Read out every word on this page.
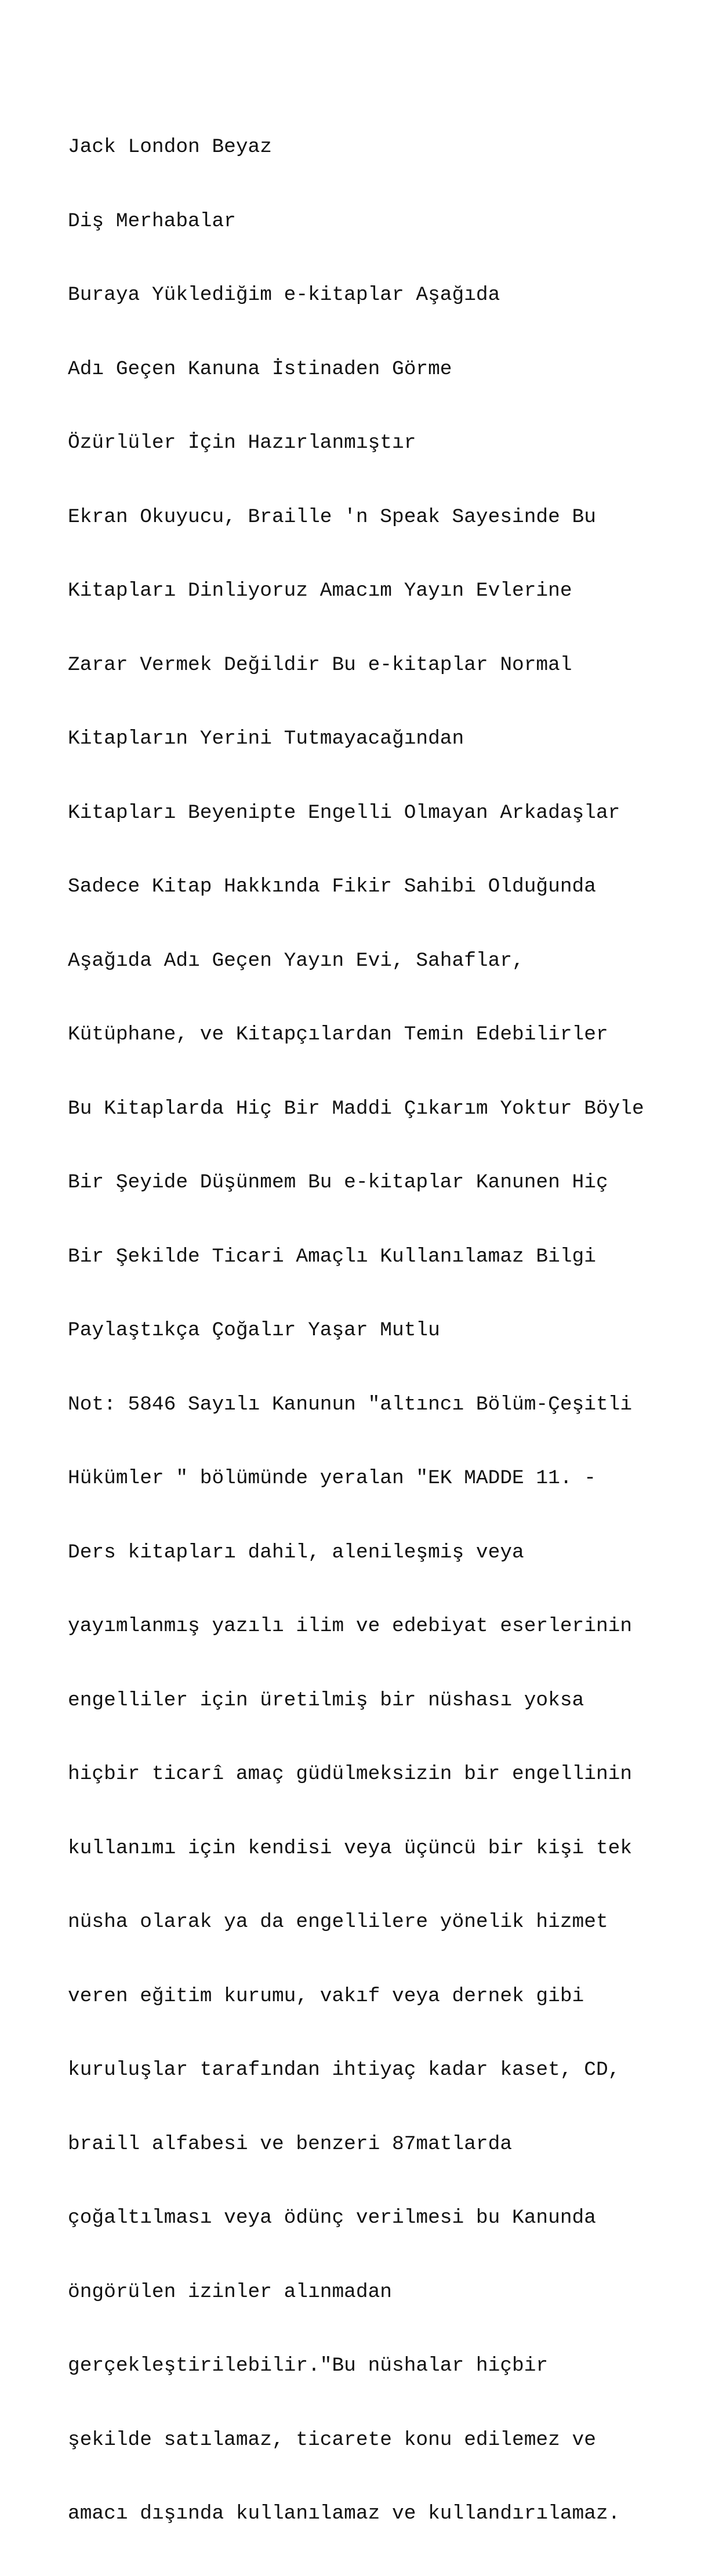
Jack London Beyaz

Diş Merhabalar

Buraya Yüklediğim e-kitaplar Aşağıda

Adı Geçen Kanuna İstinaden Görme

Özürlüler İçin Hazırlanmıştır

Ekran Okuyucu, Braille 'n Speak Sayesinde Bu

Kitapları Dinliyoruz Amacım Yayın Evlerine

Zarar Vermek Değildir Bu e-kitaplar Normal

Kitapların Yerini Tutmayacağından

Kitapları Beyenipte Engelli Olmayan Arkadaşlar

Sadece Kitap Hakkında Fikir Sahibi Olduğunda

Aşağıda Adı Geçen Yayın Evi, Sahaflar,

Kütüphane, ve Kitapçılardan Temin Edebilirler

Bu Kitaplarda Hiç Bir Maddi Çıkarım Yoktur Böyle

Bir Şeyide Düşünmem Bu e-kitaplar Kanunen Hiç

Bir Şekilde Ticari Amaçlı Kullanılamaz Bilgi

Paylaştıkça Çoğalır Yaşar Mutlu

Not: 5846 Sayılı Kanunun "altıncı Bölüm-Çeşitli

Hükümler " bölümünde yeralan "EK MADDE 11. -

Ders kitapları dahil, alenileşmiş veya

yayımlanmış yazılı ilim ve edebiyat eserlerinin

engelliler için üretilmiş bir nüshası yoksa

hiçbir ticarî amaç güdülmeksizin bir engellinin

kullanımı için kendisi veya üçüncü bir kişi tek

nüsha olarak ya da engellilere yönelik hizmet

veren eğitim kurumu, vakıf veya dernek gibi

kuruluşlar tarafından ihtiyaç kadar kaset, CD,

braill alfabesi ve benzeri 87matlarda

çoğaltılması veya ödünç verilmesi bu Kanunda

öngörülen izinler alınmadan

gerçekleştirilebilir."Bu nüshalar hiçbir

şekilde satılamaz, ticarete konu edilemez ve

amacı dışında kullanılamaz ve kullandırılamaz.
